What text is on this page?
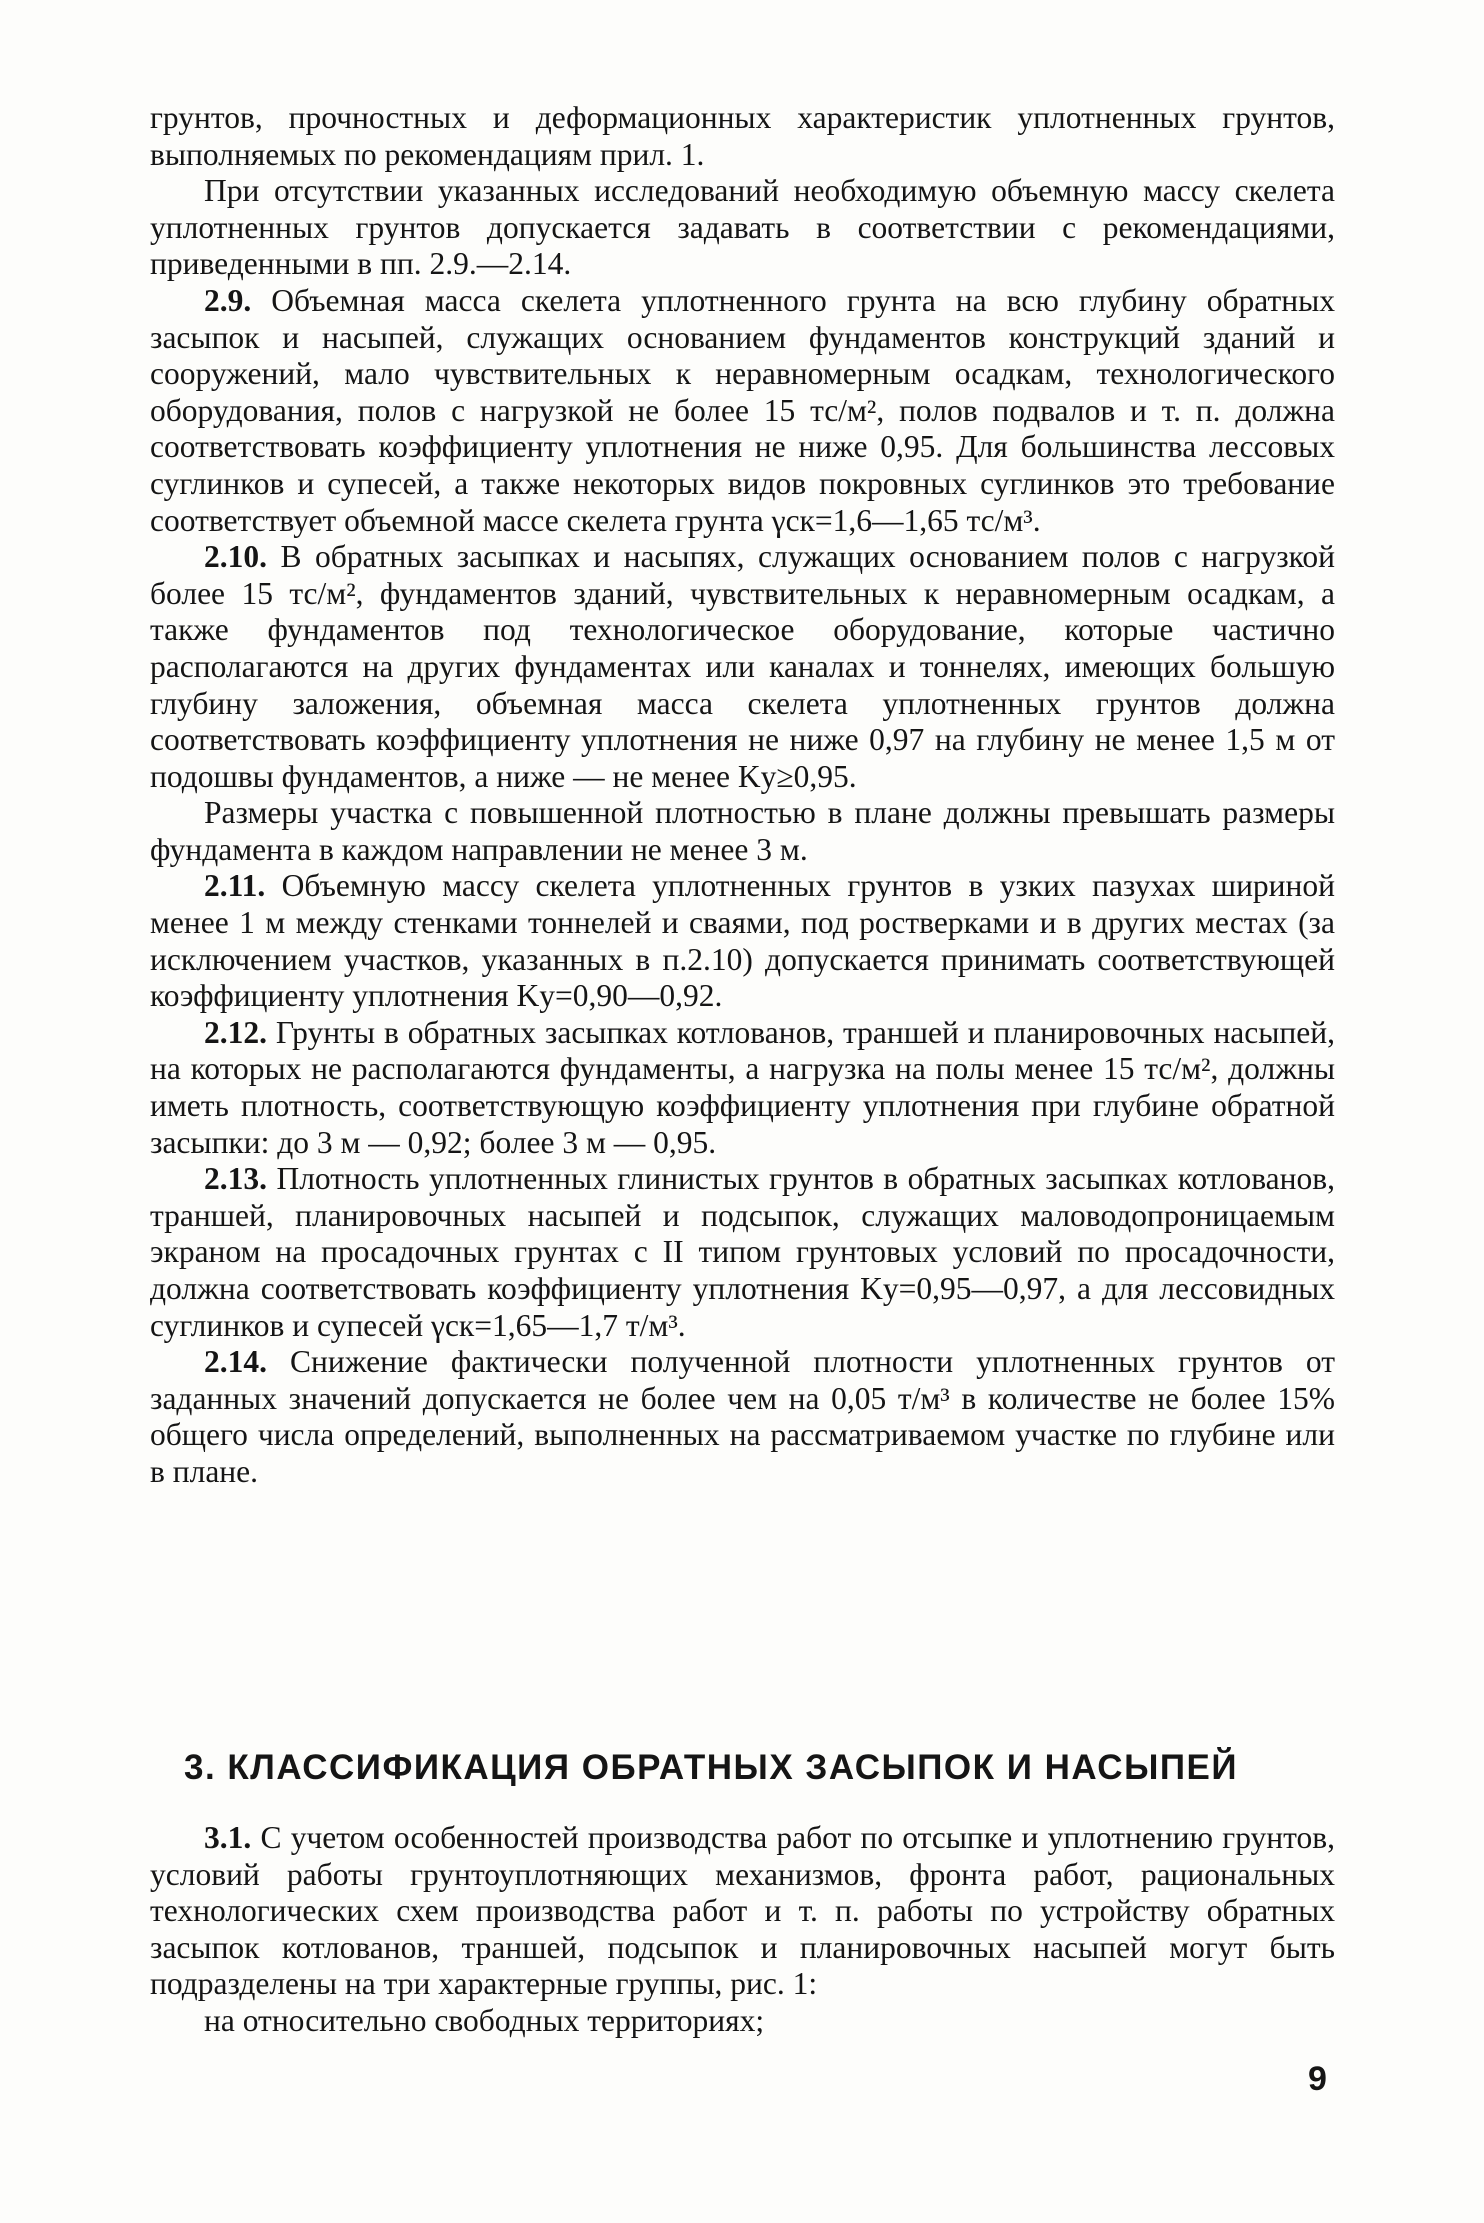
грунтов, прочностных и деформационных характеристик уплотненных грунтов, выполняемых по рекомендациям прил. 1.

При отсутствии указанных исследований необходимую объемную массу скелета уплотненных грунтов допускается задавать в соответствии с рекомендациями, приведенными в пп. 2.9.—2.14.

2.9. Объемная масса скелета уплотненного грунта на всю глубину обратных засыпок и насыпей, служащих основанием фундаментов конструкций зданий и сооружений, мало чувствительных к неравномерным осадкам, технологического оборудования, полов с нагрузкой не более 15 тс/м², полов подвалов и т. п. должна соответствовать коэффициенту уплотнения не ниже 0,95. Для большинства лессовых суглинков и супесей, а также некоторых видов покровных суглинков это требование соответствует объемной массе скелета грунта γск=1,6—1,65 тс/м³.

2.10. В обратных засыпках и насыпях, служащих основанием полов с нагрузкой более 15 тс/м², фундаментов зданий, чувствительных к неравномерным осадкам, а также фундаментов под технологическое оборудование, которые частично располагаются на других фундаментах или каналах и тоннелях, имеющих большую глубину заложения, объемная масса скелета уплотненных грунтов должна соответствовать коэффициенту уплотнения не ниже 0,97 на глубину не менее 1,5 м от подошвы фундаментов, а ниже — не менее Kу≥0,95.

Размеры участка с повышенной плотностью в плане должны превышать размеры фундамента в каждом направлении не менее 3 м.

2.11. Объемную массу скелета уплотненных грунтов в узких пазухах шириной менее 1 м между стенками тоннелей и сваями, под ростверками и в других местах (за исключением участков, указанных в п.2.10) допускается принимать соответствующей коэффициенту уплотнения Kу=0,90—0,92.

2.12. Грунты в обратных засыпках котлованов, траншей и планировочных насыпей, на которых не располагаются фундаменты, а нагрузка на полы менее 15 тс/м², должны иметь плотность, соответствующую коэффициенту уплотнения при глубине обратной засыпки: до 3 м — 0,92; более 3 м — 0,95.

2.13. Плотность уплотненных глинистых грунтов в обратных засыпках котлованов, траншей, планировочных насыпей и подсыпок, служащих маловодопроницаемым экраном на просадочных грунтах с II типом грунтовых условий по просадочности, должна соответствовать коэффициенту уплотнения Kу=0,95—0,97, а для лессовидных суглинков и супесей γск=1,65—1,7 т/м³.

2.14. Снижение фактически полученной плотности уплотненных грунтов от заданных значений допускается не более чем на 0,05 т/м³ в количестве не более 15% общего числа определений, выполненных на рассматриваемом участке по глубине или в плане.

3. КЛАССИФИКАЦИЯ ОБРАТНЫХ ЗАСЫПОК И НАСЫПЕЙ

3.1. С учетом особенностей производства работ по отсыпке и уплотнению грунтов, условий работы грунтоуплотняющих механизмов, фронта работ, рациональных технологических схем производства работ и т. п. работы по устройству обратных засыпок котлованов, траншей, подсыпок и планировочных насыпей могут быть подразделены на три характерные группы, рис. 1:

на относительно свободных территориях;

9
